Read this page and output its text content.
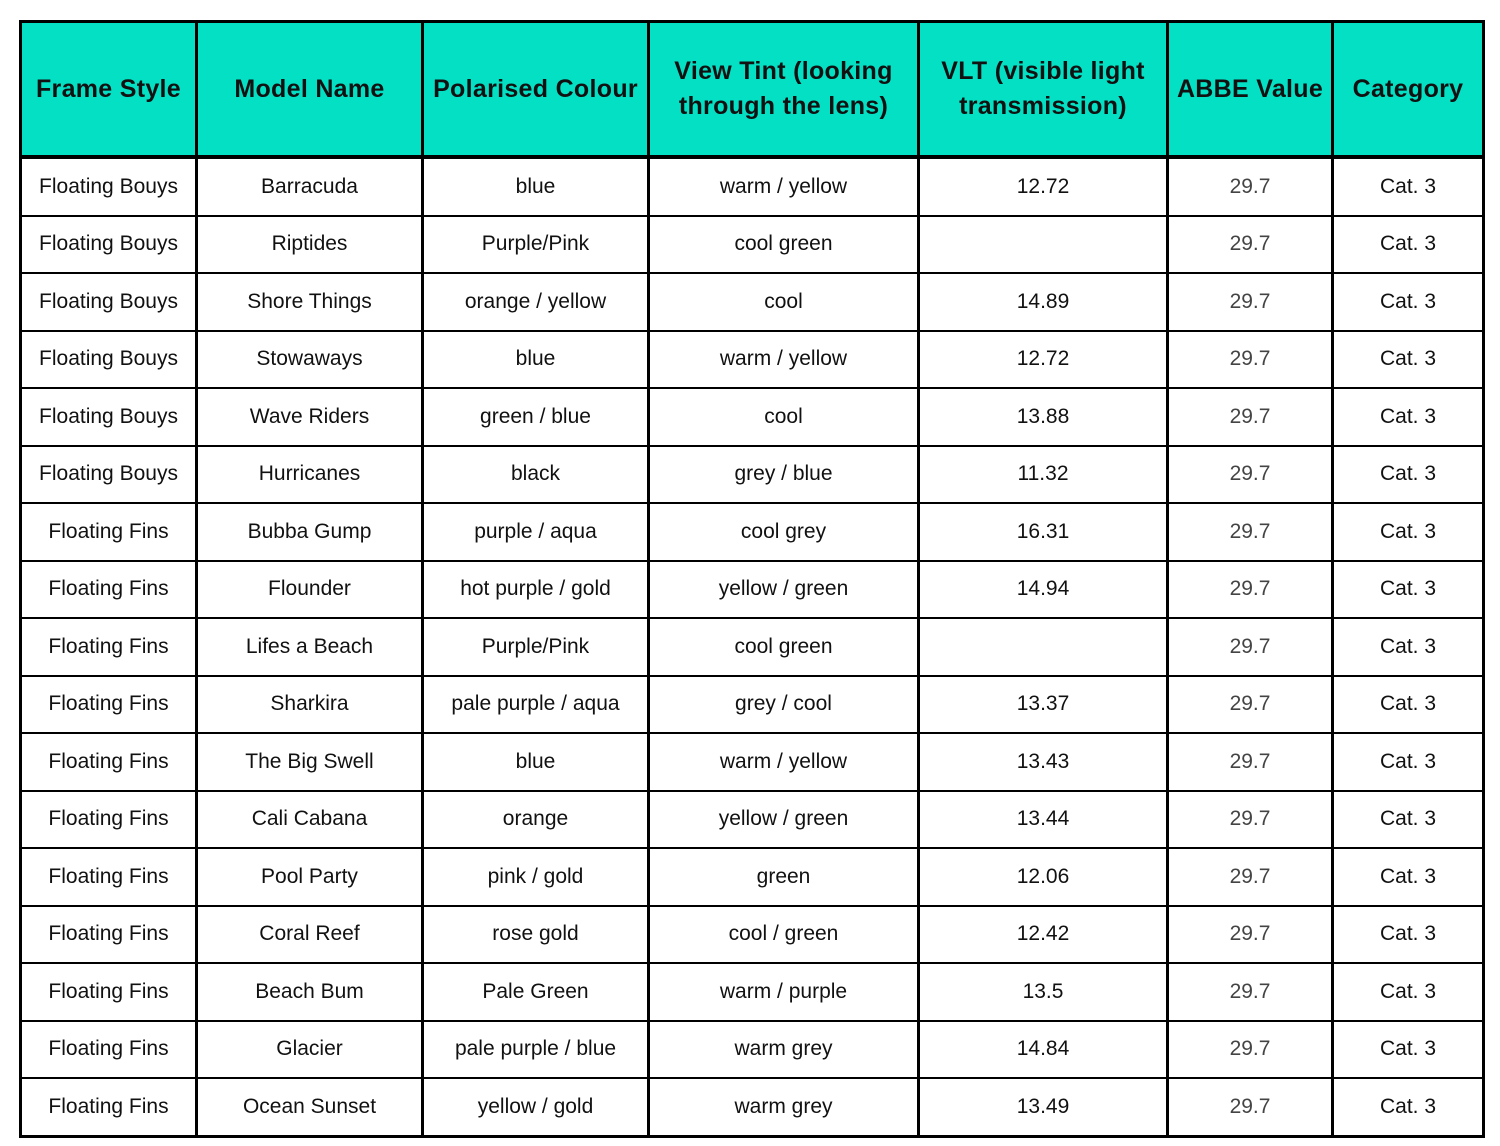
Frame Style	Model Name	Polarised Colour	View Tint (looking through the lens)	VLT (visible light transmission)	ABBE Value	Category
Floating Bouys	Barracuda	blue	warm / yellow	12.72	29.7	Cat. 3
Floating Bouys	Riptides	Purple/Pink	cool green		29.7	Cat. 3
Floating Bouys	Shore Things	orange / yellow	cool	14.89	29.7	Cat. 3
Floating Bouys	Stowaways	blue	warm / yellow	12.72	29.7	Cat. 3
Floating Bouys	Wave Riders	green / blue	cool	13.88	29.7	Cat. 3
Floating Bouys	Hurricanes	black	grey / blue	11.32	29.7	Cat. 3
Floating Fins	Bubba Gump	purple / aqua	cool grey	16.31	29.7	Cat. 3
Floating Fins	Flounder	hot purple / gold	yellow / green	14.94	29.7	Cat. 3
Floating Fins	Lifes a Beach	Purple/Pink	cool green		29.7	Cat. 3
Floating Fins	Sharkira	pale purple / aqua	grey / cool	13.37	29.7	Cat. 3
Floating Fins	The Big Swell	blue	warm / yellow	13.43	29.7	Cat. 3
Floating Fins	Cali Cabana	orange	yellow / green	13.44	29.7	Cat. 3
Floating Fins	Pool Party	pink / gold	green	12.06	29.7	Cat. 3
Floating Fins	Coral Reef	rose gold	cool / green	12.42	29.7	Cat. 3
Floating Fins	Beach Bum	Pale Green	warm / purple	13.5	29.7	Cat. 3
Floating Fins	Glacier	pale purple / blue	warm grey	14.84	29.7	Cat. 3
Floating Fins	Ocean Sunset	yellow / gold	warm grey	13.49	29.7	Cat. 3
